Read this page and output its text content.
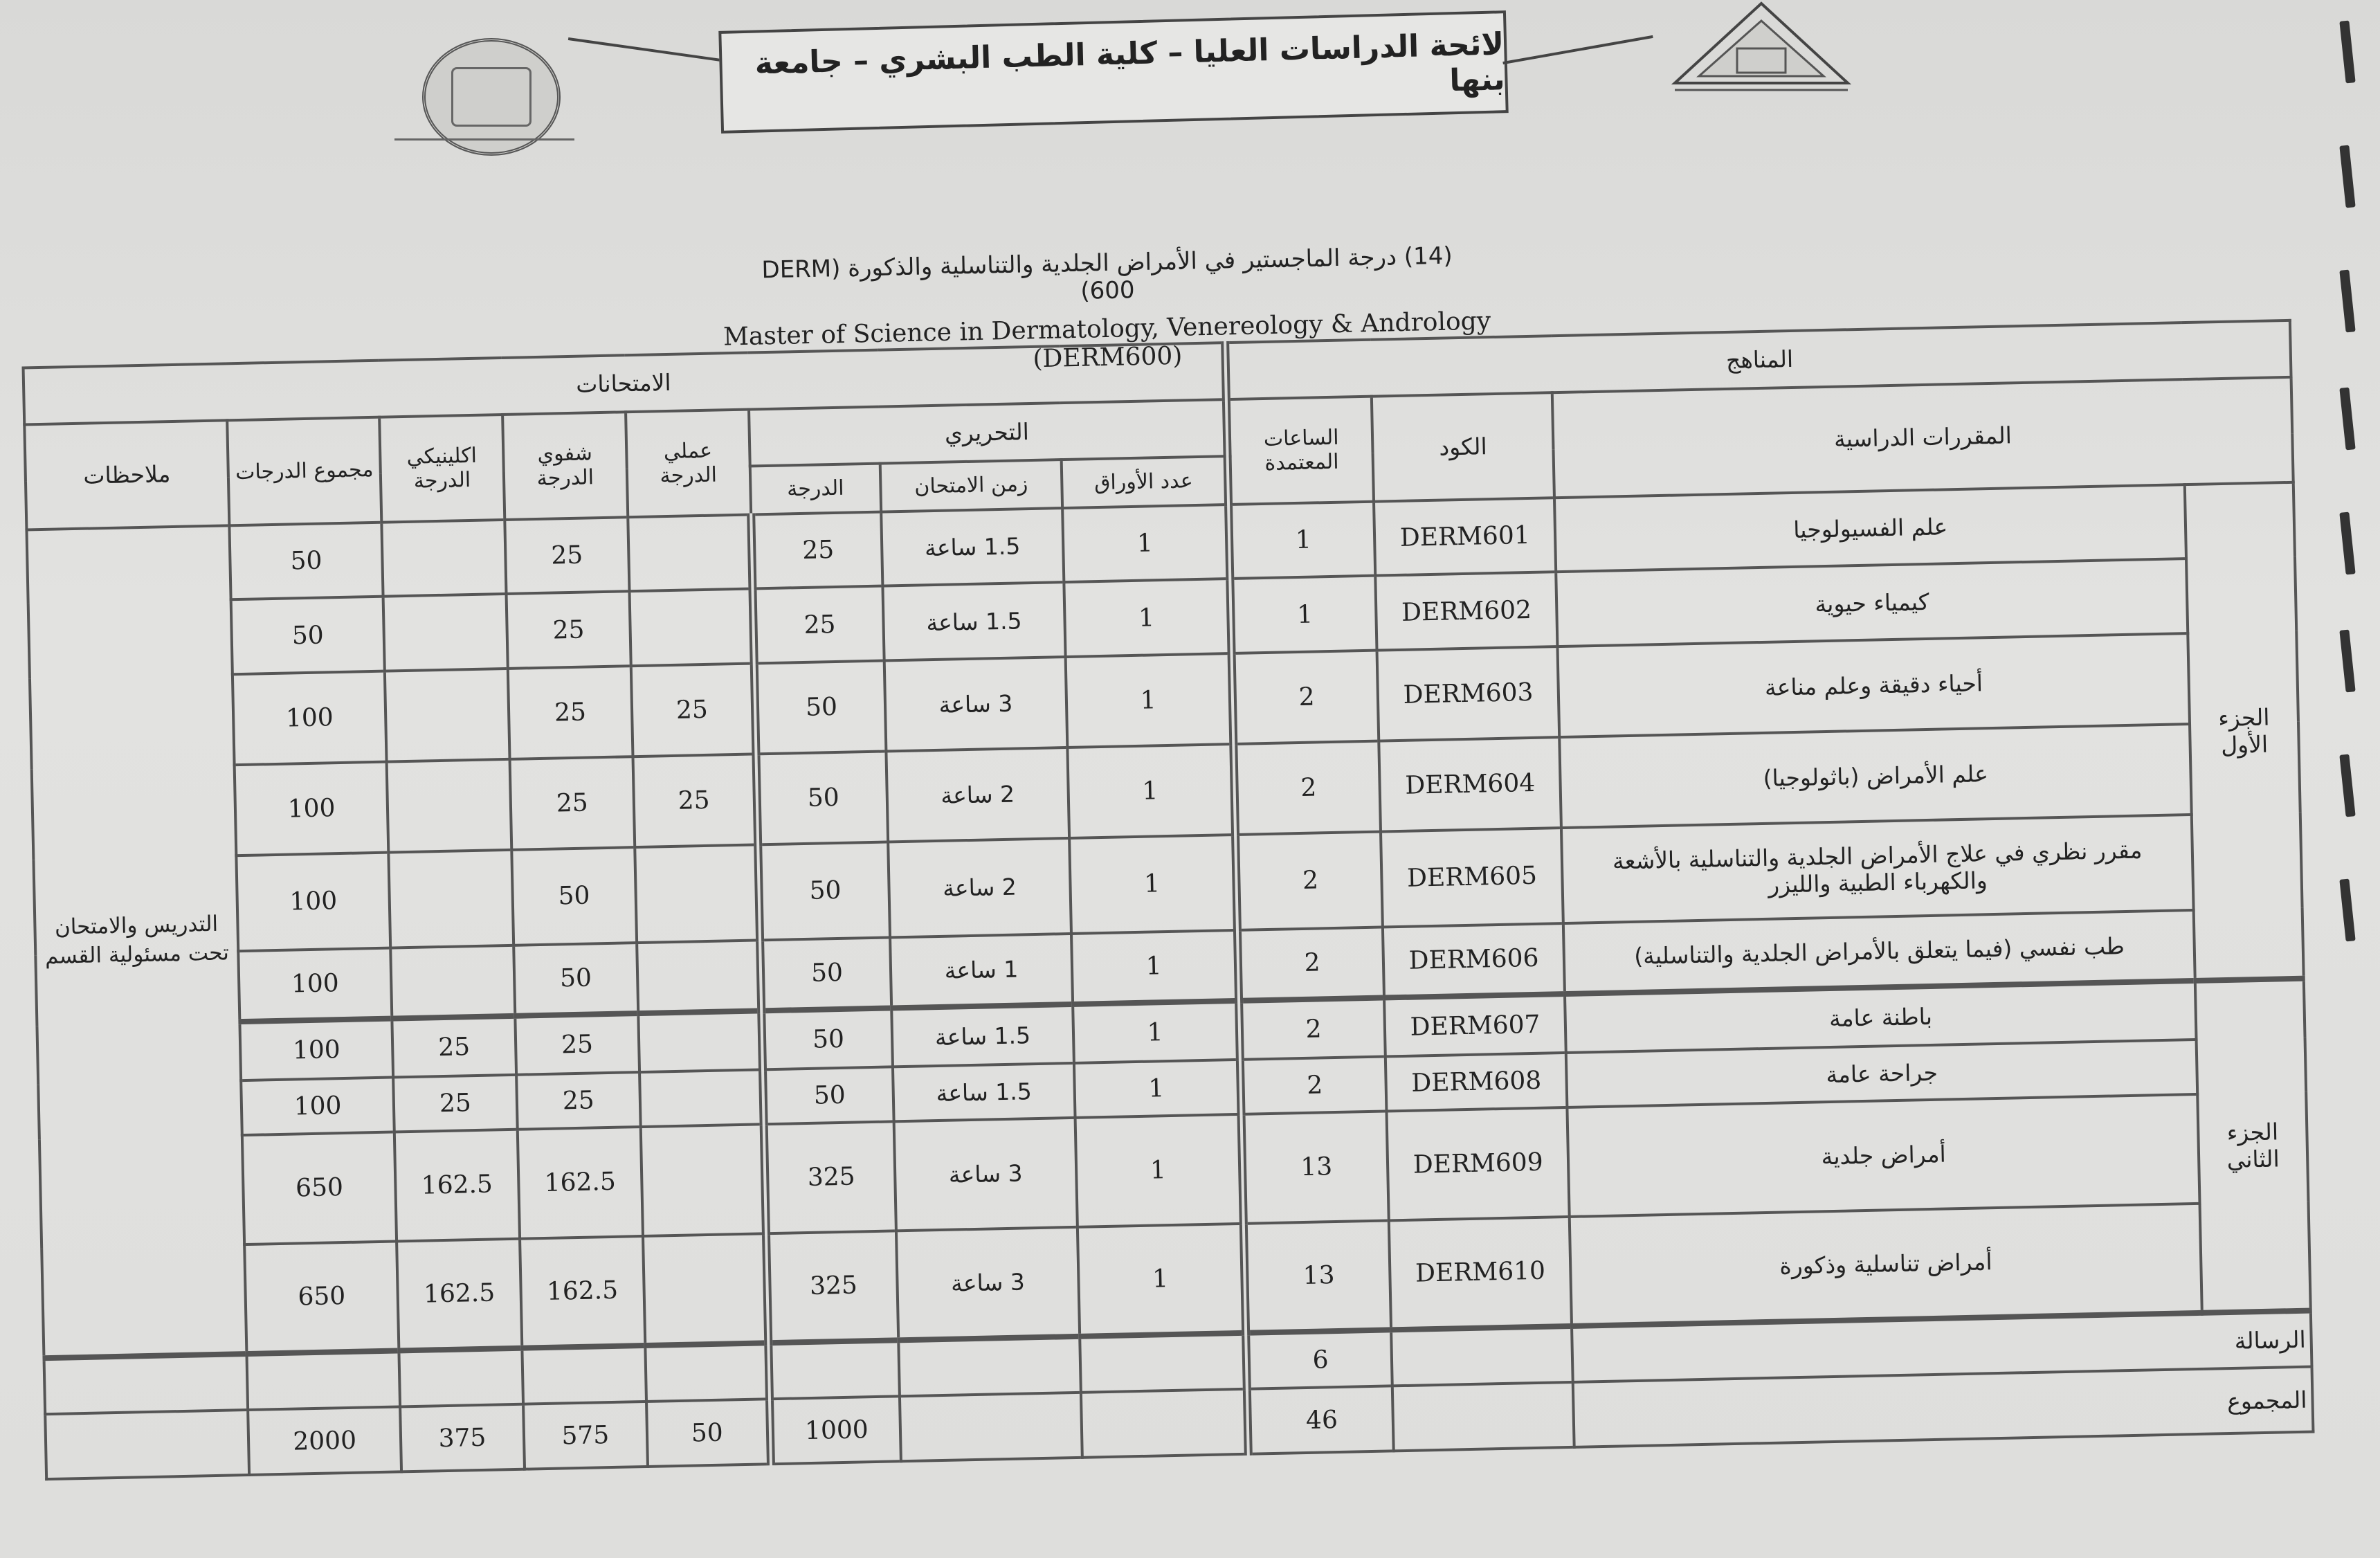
لائحة الدراسات العليا – كلية الطب البشري – جامعة بنها
(14) درجة الماجستير في الأمراض الجلدية والتناسلية والذكورة (DERM 600)
Master of Science in Dermatology, Venereology & Andrology (DERM600)	المناهج				الامتحانات							
المقررات الدراسية		الكود	الساعات المعتمدة	التحريري			عملي الدرجة	شفوي الدرجة	اكلينيكي الدرجة	مجموع الدرجات	ملاحظات
				عدد الأوراق	زمن الامتحان	الدرجة					
الجزء الأول	علم الفسيولوجيا	DERM601	1	1	1.5 ساعة	25		25		50	التدريس والامتحان تحت مسئولية القسم
	كيمياء حيوية	DERM602	1	1	1.5 ساعة	25		25		50	
	أحياء دقيقة وعلم مناعة	DERM603	2	1	3 ساعة	50	25	25		100	
	علم الأمراض (باثولوجيا)	DERM604	2	1	2 ساعة	50	25	25		100	
	مقرر نظري في علاج الأمراض الجلدية والتناسلية بالأشعة والكهرباء الطبية والليزر	DERM605	2	1	2 ساعة	50		50		100	
	طب نفسي (فيما يتعلق بالأمراض الجلدية والتناسلية)	DERM606	2	1	1 ساعة	50		50		100	
الجزء الثاني	باطنة عامة	DERM607	2	1	1.5 ساعة	50		25	25	100	
	جراحة عامة	DERM608	2	1	1.5 ساعة	50		25	25	100	
	أمراض جلدية	DERM609	13	1	3 ساعة	325		162.5	162.5	650	
	أمراض تناسلية وذكورة	DERM610	13	1	3 ساعة	325		162.5	162.5	650	
الرسالة			6								
المجموع			46			1000	50	575	375	2000	
